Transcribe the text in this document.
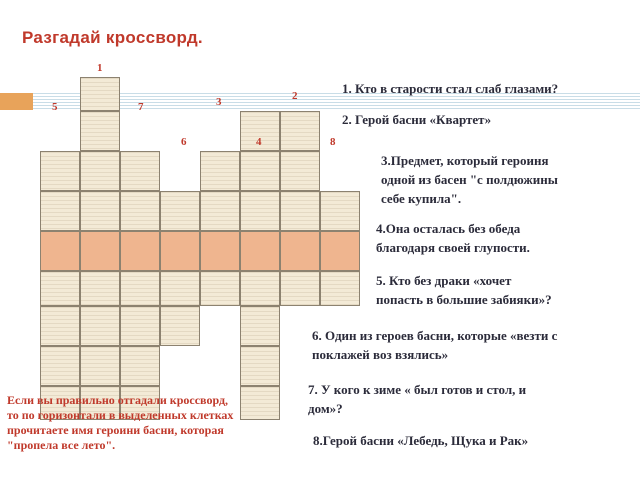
Разгадай кроссворд.
1
2
3
4
5
6
7
8
1. Кто в старости стал слаб глазами?
2. Герой басни «Квартет»
3.Предмет, который героиня
одной из басен "с полдюжины
себе купила".
4.Она осталась без обеда
благодаря своей глупости.
5. Кто без драки «хочет
попасть в большие забияки»?
6. Один из героев басни, которые «везти с
поклажей воз взялись»
7. У кого к зиме « был готов и стол, и
дом»?
8.Герой басни «Лебедь, Щука и Рак»
Если вы правильно отгадали кроссворд,
то по горизонтали в выделенных клетках
прочитаете имя героини басни, которая
"пропела все лето".
